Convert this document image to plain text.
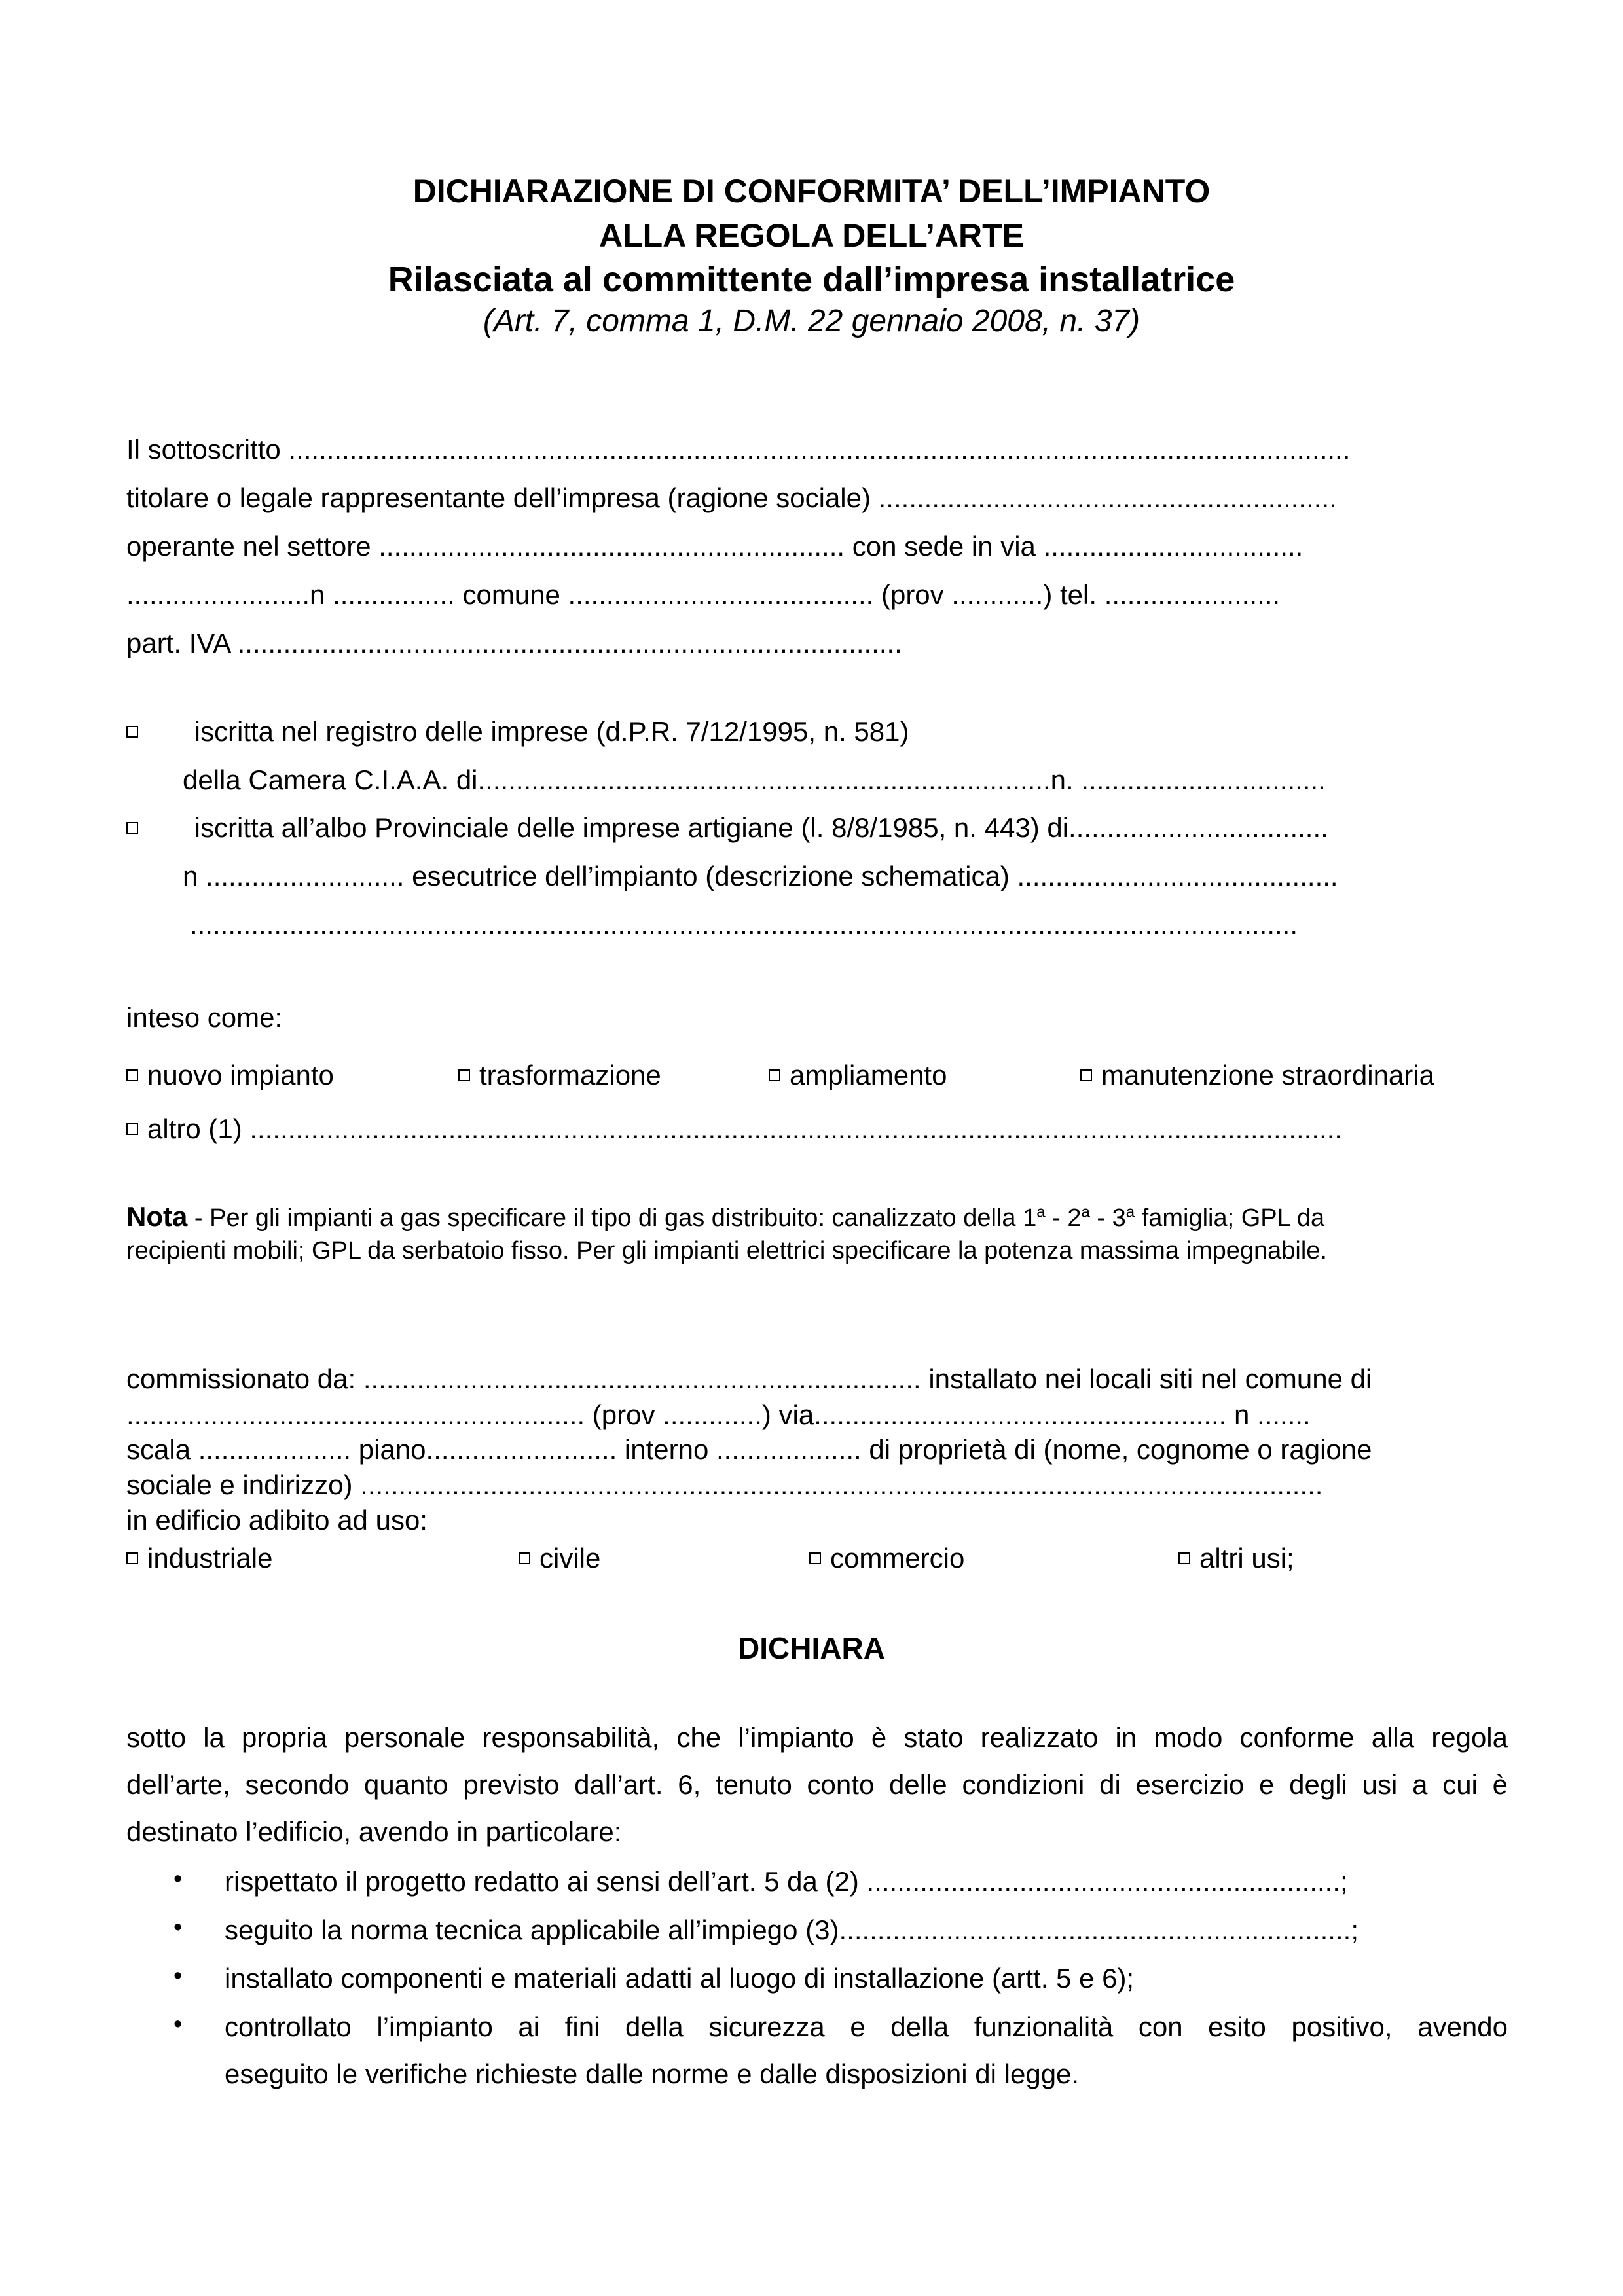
DICHIARAZIONE DI CONFORMITA’ DELL’IMPIANTO
ALLA REGOLA DELL’ARTE
Rilasciata al committente dall’impresa installatrice
(Art. 7, comma 1, D.M. 22 gennaio 2008, n. 37)
Il sottoscritto ...........................................................................................................................................
titolare o legale rappresentante dell’impresa (ragione sociale) ............................................................
operante nel settore ............................................................. con sede in via ..................................
........................n ................ comune ........................................ (prov ............) tel. .......................
part. IVA .......................................................................................
iscritta nel registro delle imprese (d.P.R. 7/12/1995, n. 581)
della Camera C.I.A.A. di...........................................................................n. ................................
iscritta all’albo Provinciale delle imprese artigiane (l. 8/8/1985, n. 443) di..................................
n .......................... esecutrice dell’impianto (descrizione schematica) ..........................................
.................................................................................................................................................
inteso come:
nuovo impianto	trasformazione	ampliamento	manutenzione straordinaria
altro (1) ...............................................................................................................................................
Nota - Per gli impianti a gas specificare il tipo di gas distribuito: canalizzato della 1$^a$ - 2$^a$ - 3$^a$ famiglia; GPL da
recipienti mobili; GPL da serbatoio fisso. Per gli impianti elettrici specificare la potenza massima impegnabile.
commissionato da: ......................................................................... installato nei locali siti nel comune di
............................................................ (prov .............) via...................................................... n .......
scala .................... piano......................... interno ................... di proprietà di (nome, cognome o ragione
sociale e indirizzo) ..............................................................................................................................
in edificio adibito ad uso:
industriale	civile	commercio	altri usi;
DICHIARA
sotto la propria personale responsabilità, che l’impianto è stato realizzato in modo conforme alla regola
dell’arte, secondo quanto previsto dall’art. 6, tenuto conto delle condizioni di esercizio e degli usi a cui è
destinato l’edificio, avendo in particolare:
• rispettato il progetto redatto ai sensi dell’art. 5 da (2) ..............................................................;
• seguito la norma tecnica applicabile all’impiego (3)...................................................................;
• installato componenti e materiali adatti al luogo di installazione (artt. 5 e 6);
• controllato l’impianto ai fini della sicurezza e della funzionalità con esito positivo, avendo
eseguito le verifiche richieste dalle norme e dalle disposizioni di legge.
